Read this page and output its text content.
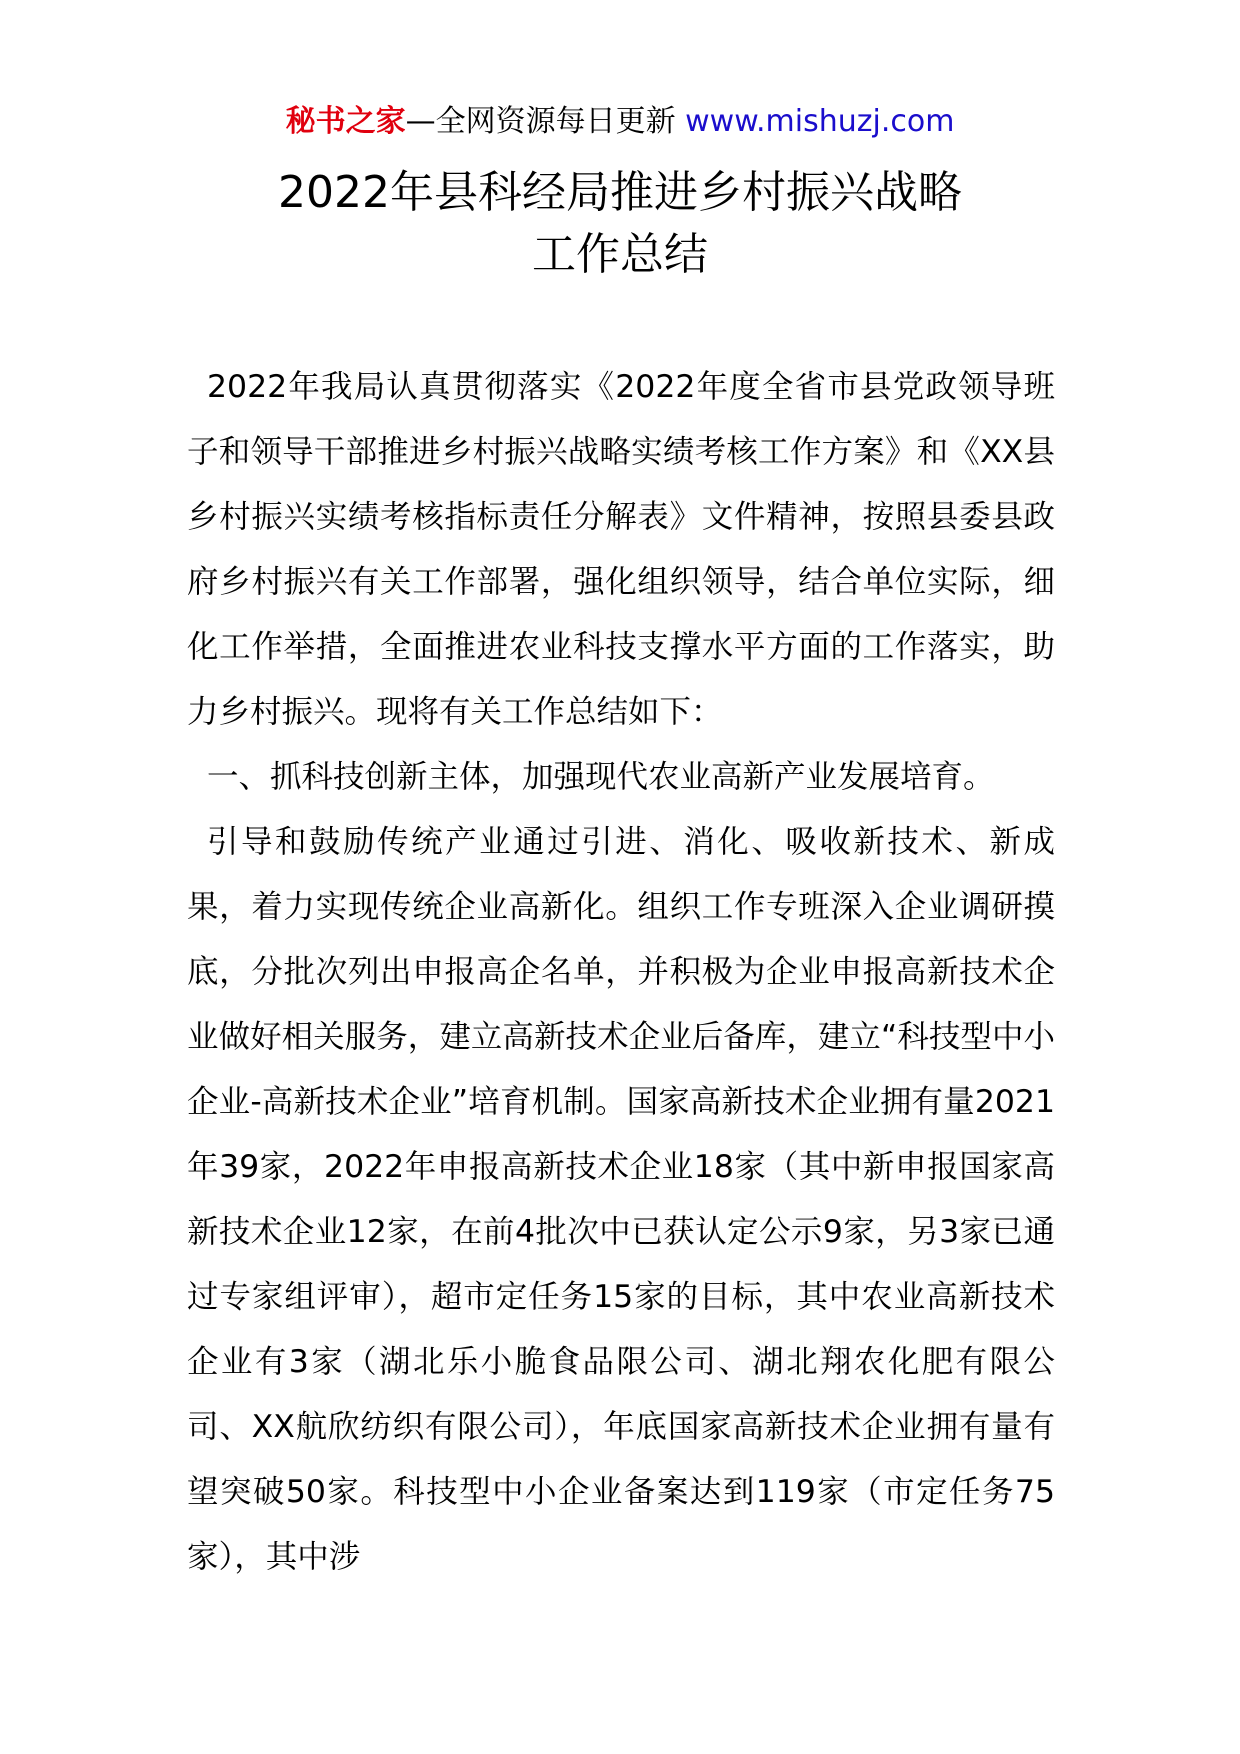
秘书之家—全网资源每日更新 www.mishuzj.com
2022年县科经局推进乡村振兴战略
工作总结

2022年我局认真贯彻落实《2022年度全省市县党政领导班子和领导干部推进乡村振兴战略实绩考核工作方案》和《XX县乡村振兴实绩考核指标责任分解表》文件精神，按照县委县政府乡村振兴有关工作部署，强化组织领导，结合单位实际，细化工作举措，全面推进农业科技支撑水平方面的工作落实，助力乡村振兴。现将有关工作总结如下：

一、抓科技创新主体，加强现代农业高新产业发展培育。

引导和鼓励传统产业通过引进、消化、吸收新技术、新成果，着力实现传统企业高新化。组织工作专班深入企业调研摸底，分批次列出申报高企名单，并积极为企业申报高新技术企业做好相关服务，建立高新技术企业后备库，建立“科技型中小企业-高新技术企业”培育机制。国家高新技术企业拥有量2021年39家，2022年申报高新技术企业18家（其中新申报国家高新技术企业12家，在前4批次中已获认定公示9家，另3家已通过专家组评审），超市定任务15家的目标，其中农业高新技术企业有3家（湖北乐小脆食品限公司、湖北翔农化肥有限公司、XX航欣纺织有限公司），年底国家高新技术企业拥有量有望突破50家。科技型中小企业备案达到119家（市定任务75家），其中涉
